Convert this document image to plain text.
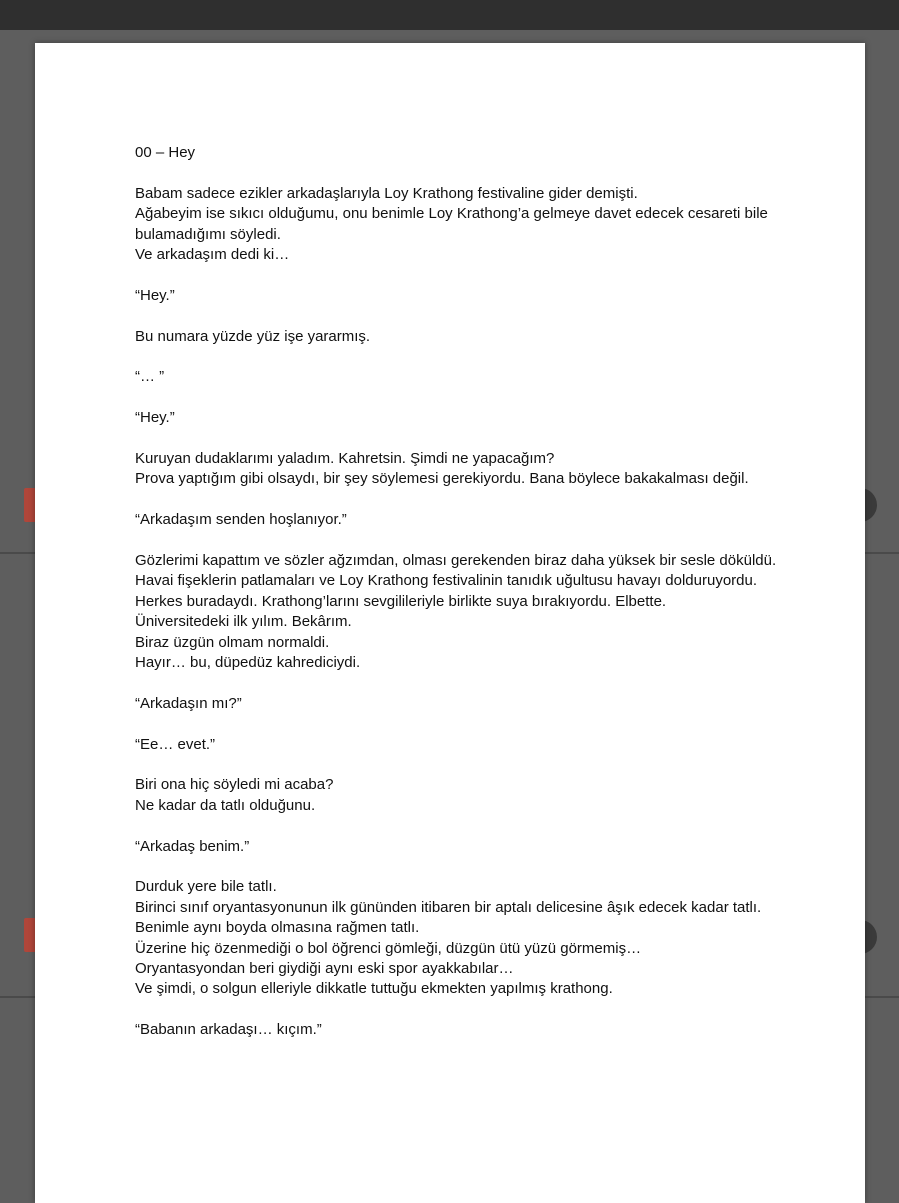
00 – Hey
Babam sadece ezikler arkadaşlarıyla Loy Krathong festivaline gider demişti.
Ağabeyim ise sıkıcı olduğumu, onu benimle Loy Krathong’a gelmeye davet edecek cesareti bile bulamadığımı söyledi.
Ve arkadaşım dedi ki…
“Hey.”
Bu numara yüzde yüz işe yararmış.
“… ”
“Hey.”
Kuruyan dudaklarımı yaladım. Kahretsin. Şimdi ne yapacağım?
Prova yaptığım gibi olsaydı, bir şey söylemesi gerekiyordu. Bana böylece bakakalması değil.
“Arkadaşım senden hoşlanıyor.”
Gözlerimi kapattım ve sözler ağzımdan, olması gerekenden biraz daha yüksek bir sesle döküldü.
Havai fişeklerin patlamaları ve Loy Krathong festivalinin tanıdık uğultusu havayı dolduruyordu.
Herkes buradaydı. Krathong’larını sevgilileriyle birlikte suya bırakıyordu. Elbette.
Üniversitedeki ilk yılım. Bekârım.
Biraz üzgün olmam normaldi.
Hayır… bu, düpedüz kahrediciydi.
“Arkadaşın mı?”
“Ee… evet.”
Biri ona hiç söyledi mi acaba?
Ne kadar da tatlı olduğunu.
“Arkadaş benim.”
Durduk yere bile tatlı.
Birinci sınıf oryantasyonunun ilk gününden itibaren bir aptalı delicesine âşık edecek kadar tatlı.
Benimle aynı boyda olmasına rağmen tatlı.
Üzerine hiç özenmediği o bol öğrenci gömleği, düzgün ütü yüzü görmemiş…
Oryantasyondan beri giydiği aynı eski spor ayakkabılar…
Ve şimdi, o solgun elleriyle dikkatle tuttuğu ekmekten yapılmış krathong.
“Babanın arkadaşı… kıçım.”
